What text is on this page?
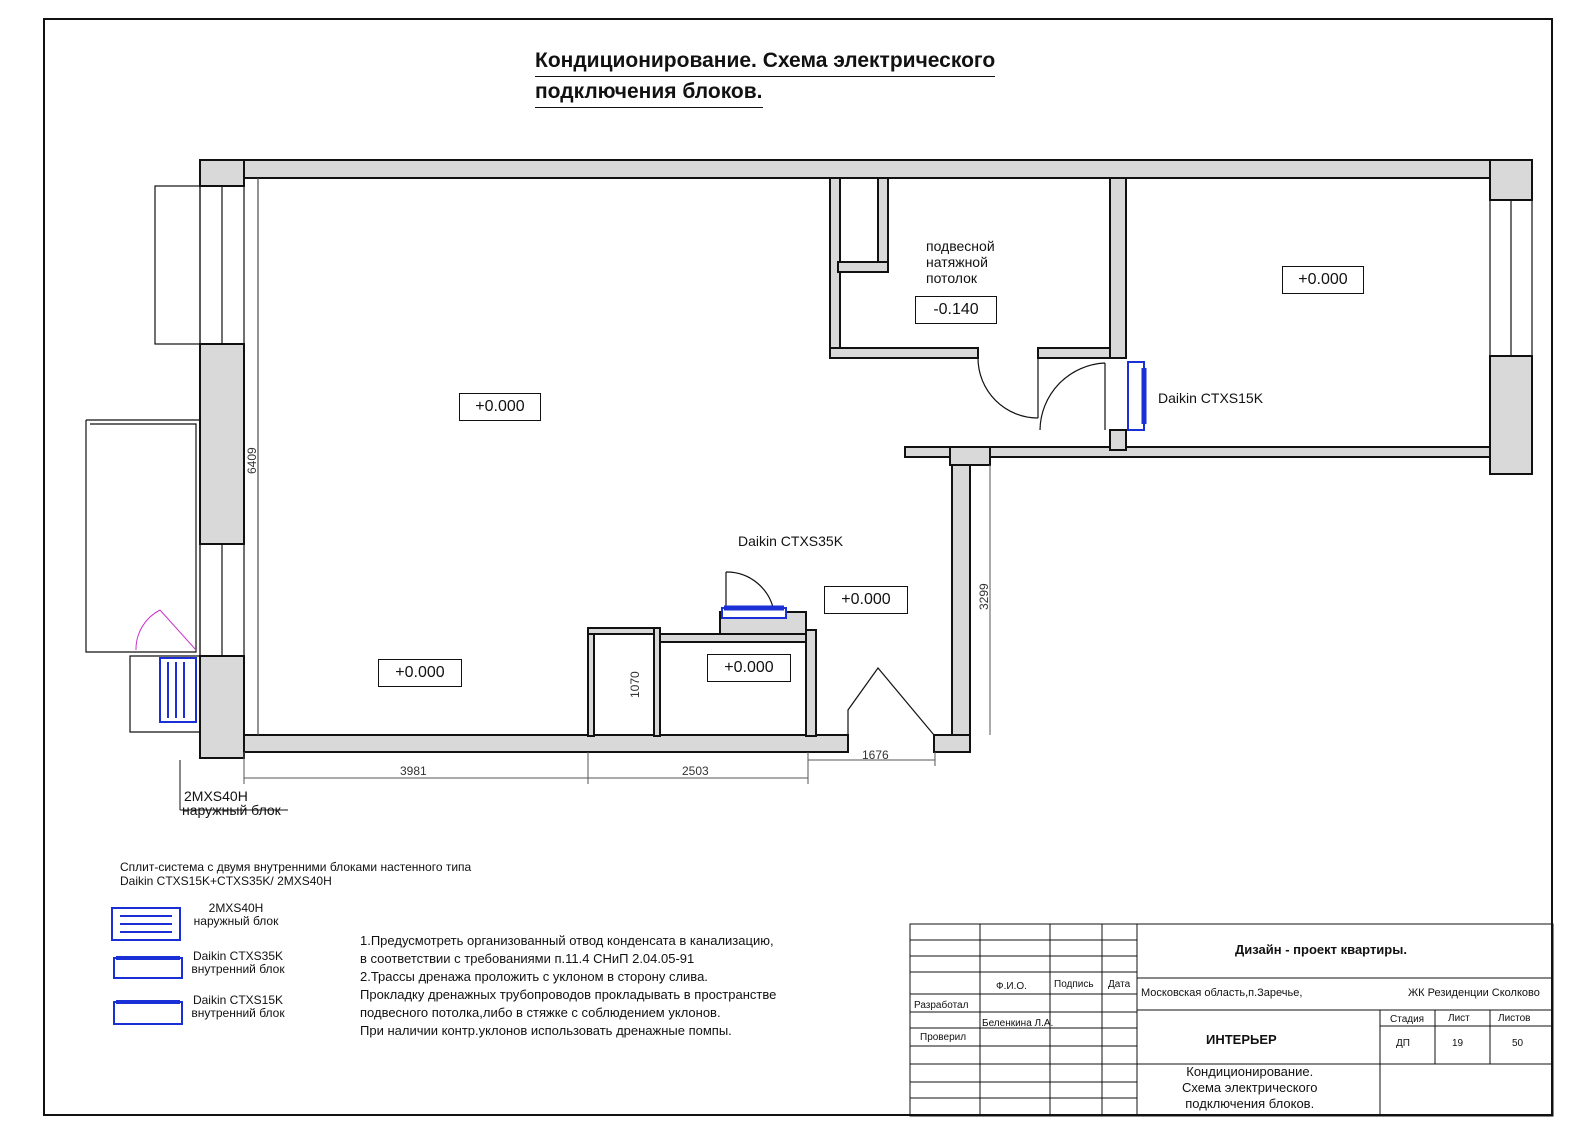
Кондиционирование. Схема электрического
подключения блоков.
подвесной
натяжной
потолок
-0.140
+0.000
+0.000
+0.000
+0.000	+0.000
Daikin CTXS15K
Daikin CTXS35K
2MXS40H
наружный блок
3981	2503
1676
6409
3299
1070
Сплит-система с двумя внутренними блоками настенного типа
Daikin CTXS15K+CTXS35K/ 2MXS40H
2MXS40H
наружный блок
Daikin CTXS35K
внутренний блок
Daikin CTXS15K
внутренний блок
1.Предусмотреть организованный отвод конденсата в канализацию,
в соответствии с требованиями п.11.4 СНиП 2.04.05-91
2.Трассы дренажа проложить с уклоном в сторону слива.
Прокладку дренажных трубопроводов прокладывать в пространстве
подвесного потолка,либо в стяжке с соблюдением уклонов.
При наличии контр.уклонов использовать дренажные помпы.
Дизайн - проект квартиры.
Ф.И.О.	Подпись Дата
Московская область,п.Заречье,	ЖК Резиденции Сколково
Разработал
Беленкина Л.А.
Проверил	ИНТЕРЬЕР
Стадия Лист	Листов
ДП	19	50
Кондиционирование.
Схема электрического
подключения блоков.
